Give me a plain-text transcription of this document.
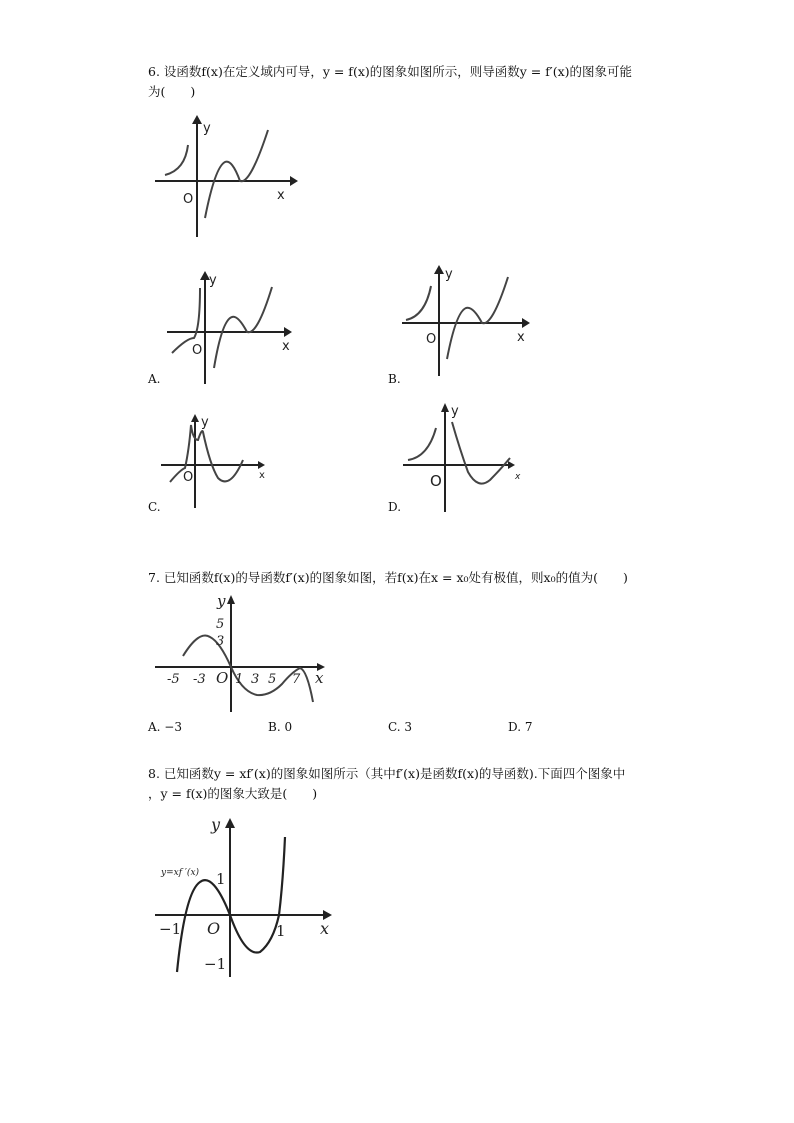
6. 设函数f(x)在定义域内可导，y = f(x)的图象如图所示，则导函数y = f′(x)的图象可能
为(　　)
y
x
O
y
x
O
A.
y
x
O
B.
y
x
O
C.
y
x
O
D.
7. 已知函数f(x)的导函数f′(x)的图象如图，若f(x)在x = x₀处有极值，则x₀的值为(　　)
y
5
3
-5 -3 O 1 3 5 7 x
A. −3	B. 0	C. 3	D. 7
8. 已知函数y = xf′(x)的图象如图所示（其中f′(x)是函数f(x)的导函数).下面四个图象中
，y = f(x)的图象大致是(　　)
y=xf ′(x)
y
1
−1 O	1 x
−1
